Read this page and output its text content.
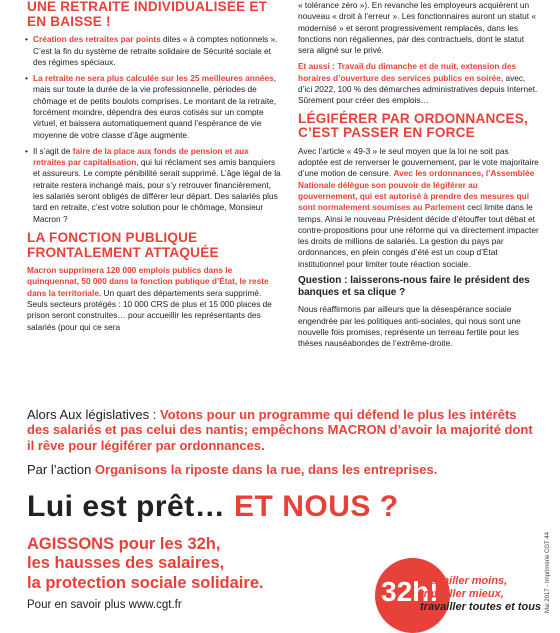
UNE RETRAITE INDIVIDUALISÉE ET EN BAISSE !

• Création des retraites par points dites « à comptes notionnels ». C’est la fin du système de retraite solidaire de Sécurité sociale et des régimes spéciaux.

• La retraite ne sera plus calculée sur les 25 meilleures années, mais sur toute la durée de la vie professionnelle, périodes de chômage et de petits boulots comprises. Le montant de la retraite, forcément moindre, dépendra des euros cotisés sur un compte virtuel, et baissera automatiquement quand l’espérance de vie moyenne de votre classe d’âge augmente.

• Il s’agit de faire de la place aux fonds de pension et aux retraites par capitalisation, qui lui réclament ses amis banquiers et assureurs. Le compte pénibilité serait supprimé. L’âge légal de la retraite restera inchangé mais, pour s’y retrouver financièrement, les salariés seront obligés de différer leur départ. Des salariés plus tard en retraite, c’est votre solution pour le chômage, Monsieur Macron ?

LA FONCTION PUBLIQUE FRONTALEMENT ATTAQUÉE

Macron supprimera 120 000 emplois publics dans le quinquennat, 50 000 dans la fonction publique d’État, le reste dans la territoriale. Un quart des départements sera supprimé. Seuls secteurs protégés : 10 000 CRS de plus et 15 000 places de prison seront construites… pour accueillir les représentants des salariés (pour qui ce sera

« tolérance zéro »). En revanche les employeurs acquièrent un nouveau « droit à l’erreur ». Les fonctionnaires auront un statut « modernisé » et seront progressivement remplacés, dans les fonctions non régaliennes, par des contractuels, dont le statut sera aligné sur le privé.

Et aussi : Travail du dimanche et de nuit, extension des horaires d’ouverture des services publics en soirée, avec, d’ici 2022, 100 % des démarches administratives depuis Internet. Sûrement pour créer des emplois…

LÉGIFÉRER PAR ORDONNANCES, C’EST PASSER EN FORCE

Avec l’article « 49-3 » le seul moyen que la loi ne soit pas adoptée est de renverser le gouvernement, par le vote majoritaire d’une motion de censure. Avec les ordonnances, l’Assemblée Nationale délègue son pouvoir de légiférer au gouvernement, qui est autorisé à prendre des mesures qui sont normalement soumises au Parlement ceci limite dans le temps. Ainsi le nouveau Président décide d’étouffer tout débat et contre-propositions pour une réforme qui va directement impacter les droits de millions de salariés. La gestion du pays par ordonnances, en plein congés d’été est un coup d’État institutionnel pour limiter toute réaction sociale.

Question : laisserons-nous faire le président des banques et sa clique ?

Nous réaffirmons par ailleurs que la désespérance sociale engendrée par les politiques anti-sociales, qui nous sont une nouvelle fois promises, représente un terreau fertile pour les thèses nauséabondes de l’extrême-droite.

Alors Aux législatives : Votons pour un programme qui défend le plus les intérêts des salariés et pas celui des nantis; empêchons MACRON d’avoir la majorité dont il rêve pour légiférer par ordonnances.
Par l’action Organisons la riposte dans la rue, dans les entreprises.
Lui est prêt… ET NOUS ?
AGISSONS pour les 32h,
les hausses des salaires,
la protection sociale solidaire.
Pour en savoir plus www.cgt.fr	32h!
Travailler moins,
travailler mieux,
travailler toutes et tous Mai 2017 - Imprimerie CGT 44
